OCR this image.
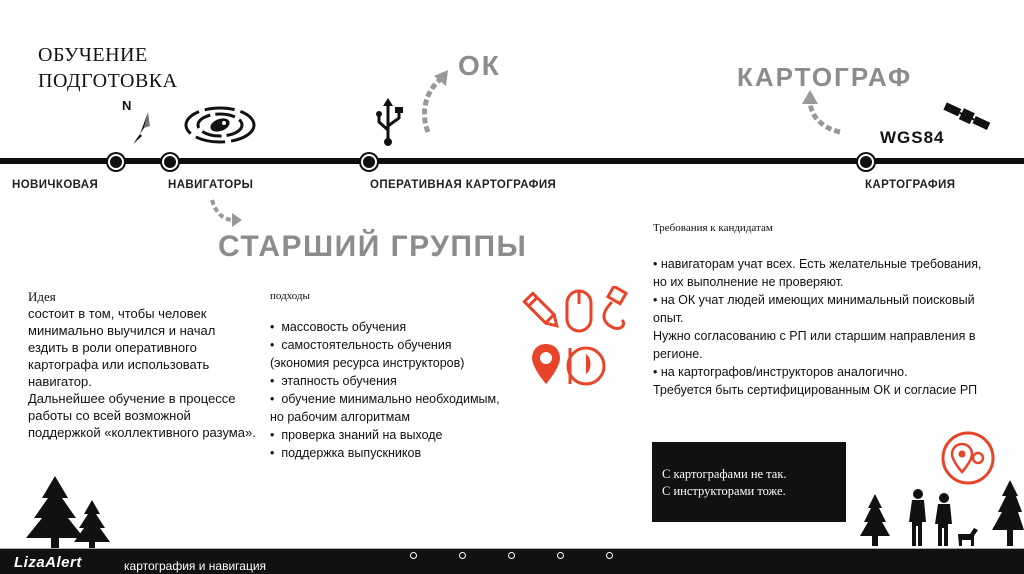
ОБУЧЕНИЕ
ПОДГОТОВКА
N
ОК	КАРТОГРАФ
СТАРШИЙ ГРУППЫ
WGS84
НОВИЧКОВАЯ	НАВИГАТОРЫ	ОПЕРАТИВНАЯ КАРТОГРАФИЯ	КАРТОГРАФИЯ
Идея
состоит в том, чтобы человек минимально выучился и начал ездить в роли оперативного картографа или использовать навигатор.
Дальнейшее обучение в процессе работы со всей возможной поддержкой «коллективного разума».
подходы
•  массовость обучения
•  самостоятельность обучения (экономия ресурса инструкторов)
•  этапность обучения
•  обучение минимально необходимым, но рабочим алгоритмам
•  проверка знаний на выходе
•  поддержка выпускников
Требования к кандидатам
• навигаторам учат всех. Есть желательные требования, но их выполнение не проверяют.
• на ОК учат людей имеющих минимальный поисковый опыт.
Нужно согласованию с РП или старшим направления в регионе.
• на картографов/инструкторов аналогично.
Требуется быть сертифицированным ОК и согласие РП

С картографами не так.

С инструкторами тоже.

LizaAlert	картография и навигация
